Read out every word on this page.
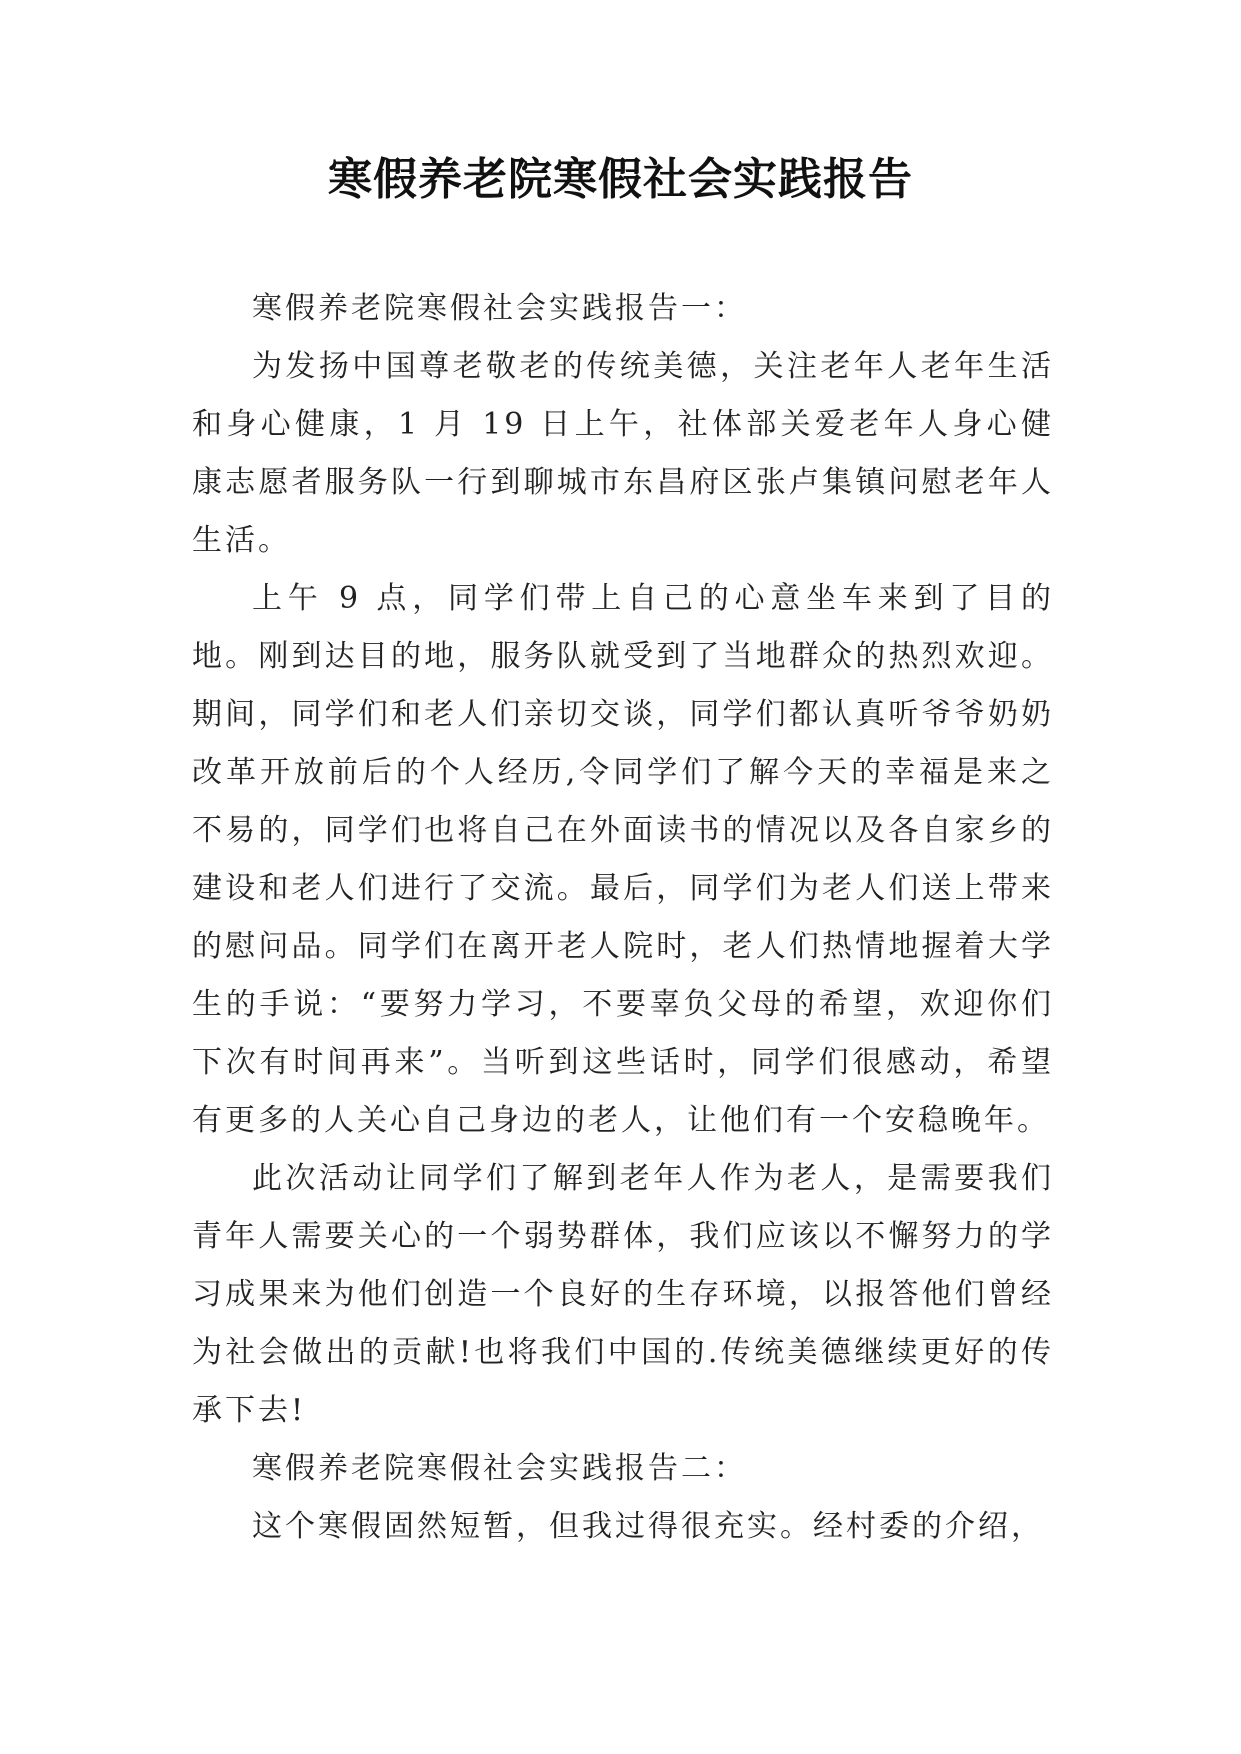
寒假养老院寒假社会实践报告

寒假养老院寒假社会实践报告一：

为发扬中国尊老敬老的传统美德，关注老年人老年生活和身心健康，1 月 19 日上午，社体部关爱老年人身心健康志愿者服务队一行到聊城市东昌府区张卢集镇问慰老年人生活。

上午 9 点，同学们带上自己的心意坐车来到了目的地。刚到达目的地，服务队就受到了当地群众的热烈欢迎。期间，同学们和老人们亲切交谈，同学们都认真听爷爷奶奶改革开放前后的个人经历,令同学们了解今天的幸福是来之不易的，同学们也将自己在外面读书的情况以及各自家乡的建设和老人们进行了交流。最后，同学们为老人们送上带来的慰问品。同学们在离开老人院时，老人们热情地握着大学生的手说：“要努力学习，不要辜负父母的希望，欢迎你们下次有时间再来”。当听到这些话时，同学们很感动，希望有更多的人关心自己身边的老人，让他们有一个安稳晚年。

此次活动让同学们了解到老年人作为老人，是需要我们青年人需要关心的一个弱势群体，我们应该以不懈努力的学习成果来为他们创造一个良好的生存环境，以报答他们曾经为社会做出的贡献!也将我们中国的.传统美德继续更好的传承下去!

寒假养老院寒假社会实践报告二：

这个寒假固然短暂，但我过得很充实。经村委的介绍，
